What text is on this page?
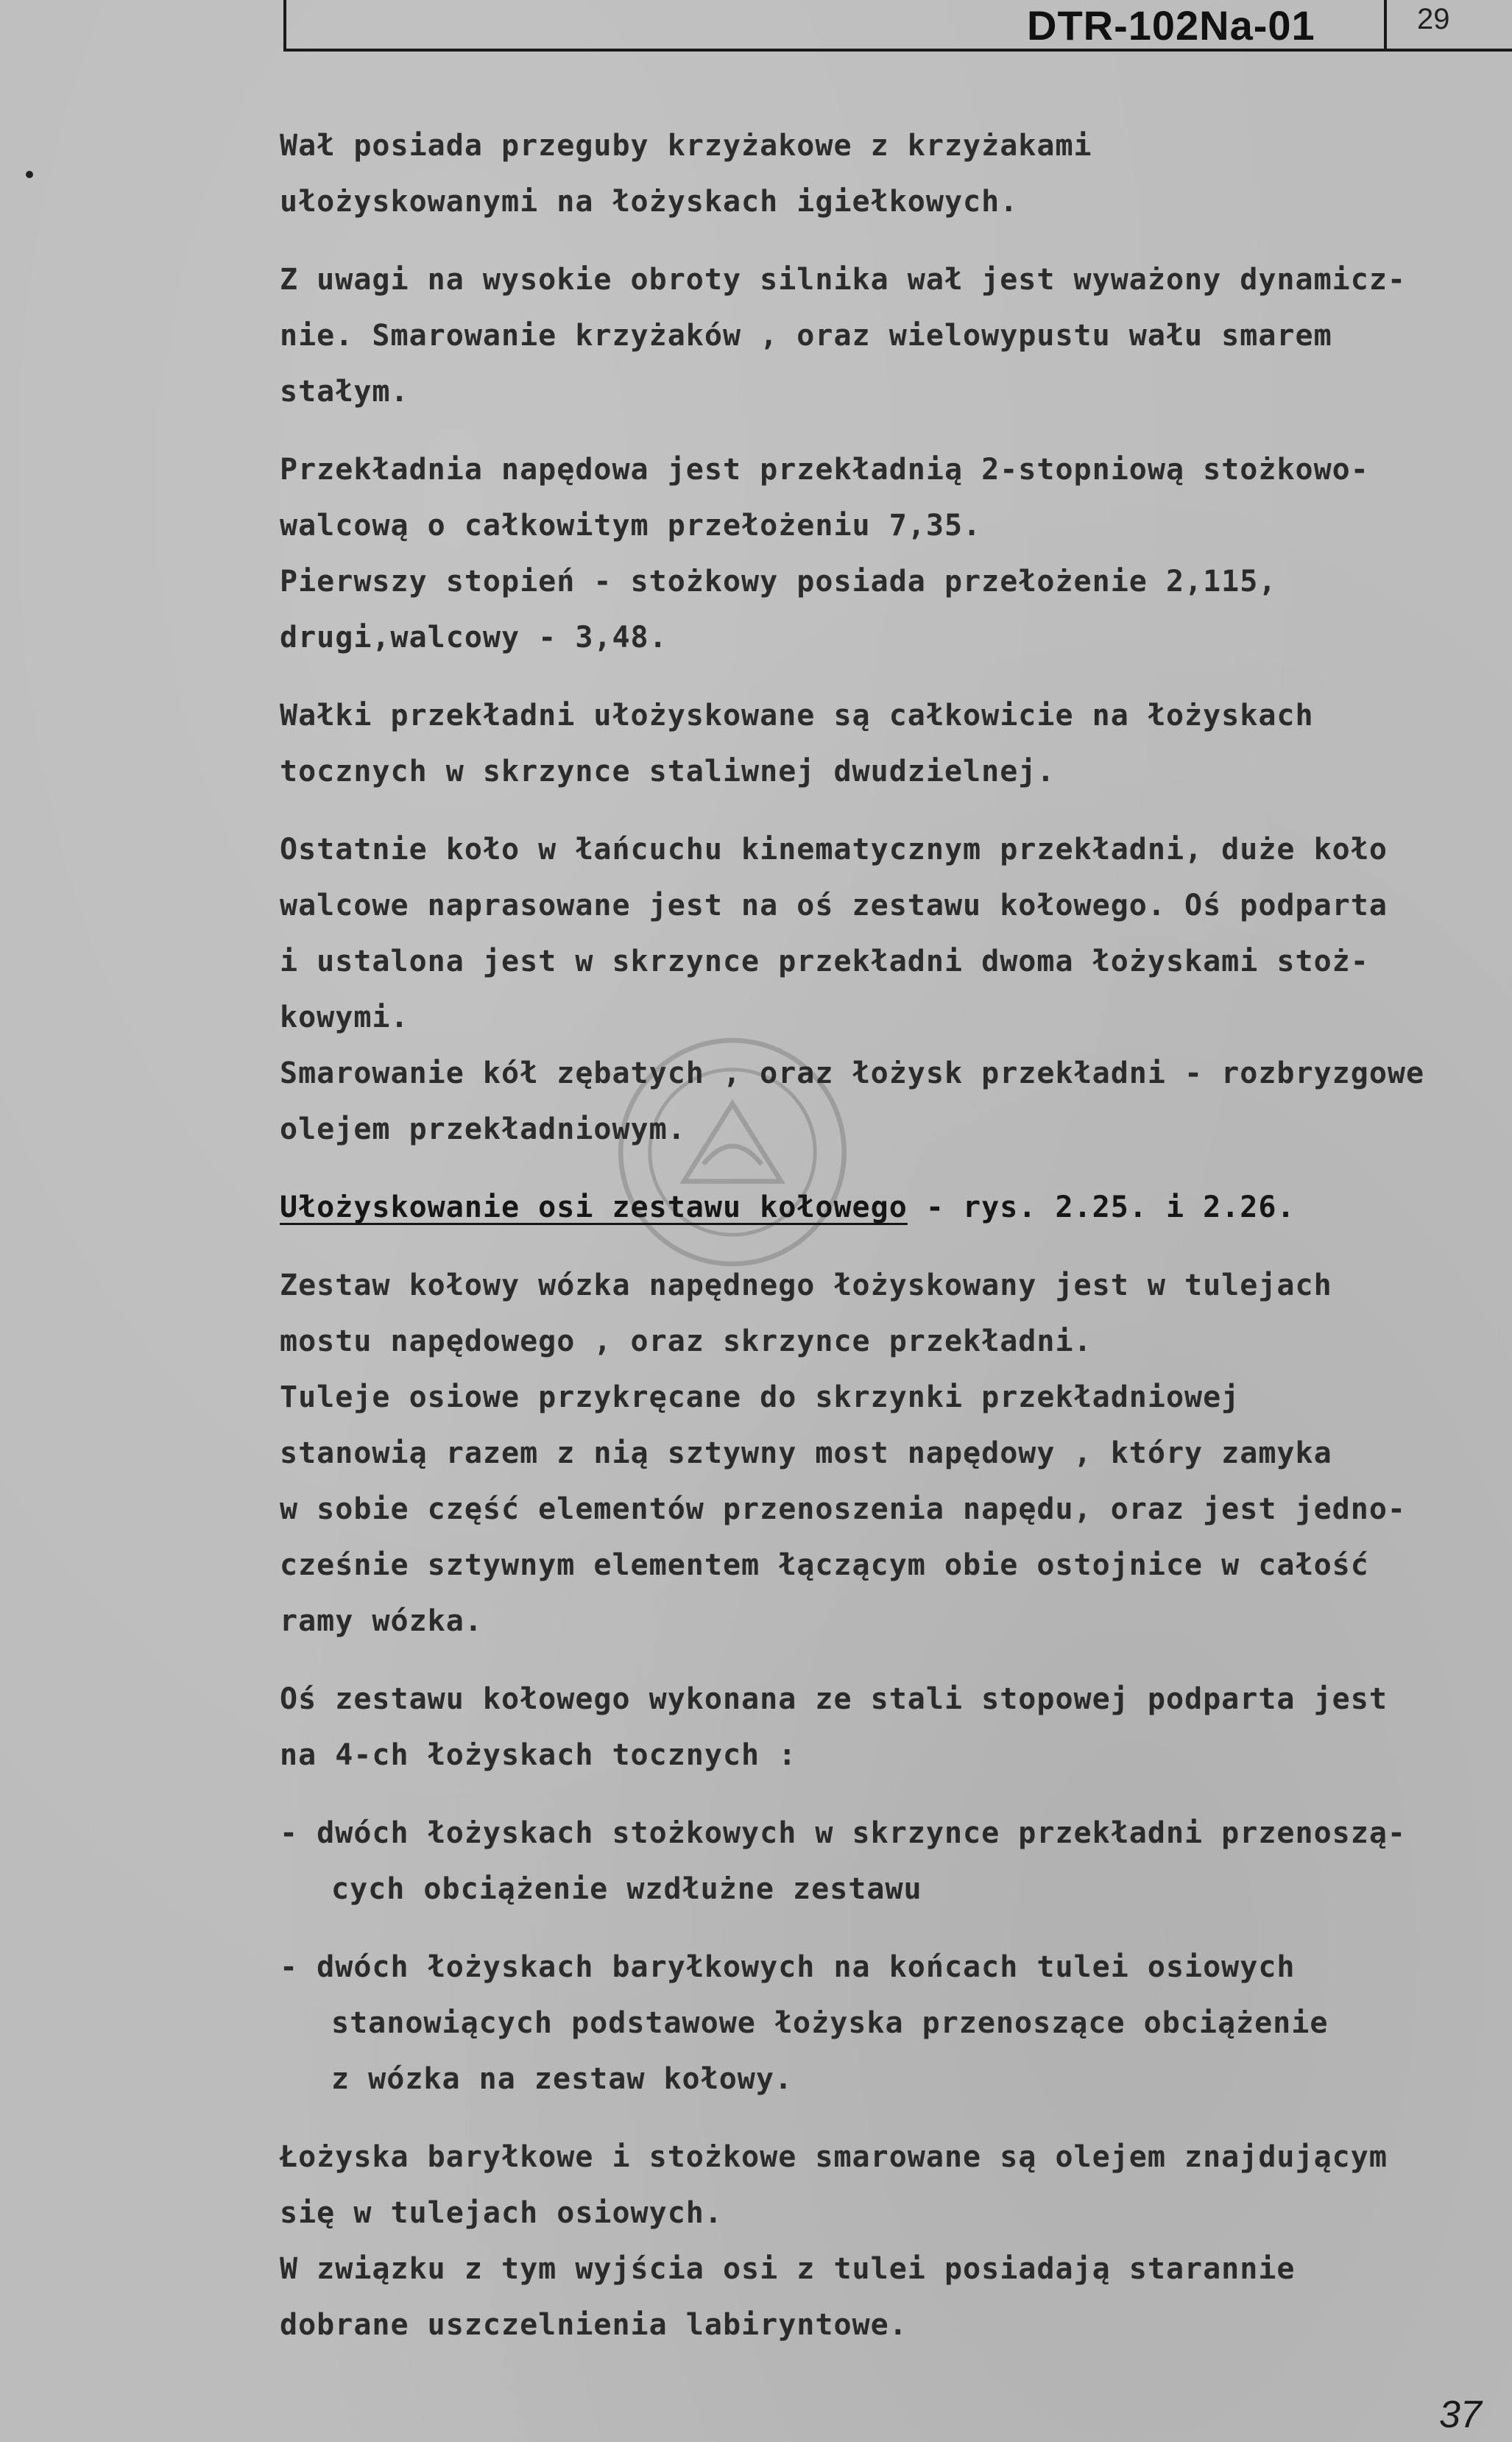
DTR-102Na-01	29
Wał posiada przeguby krzyżakowe z krzyżakami
ułożyskowanymi na łożyskach igiełkowych.
Z uwagi na wysokie obroty silnika wał jest wyważony dynamicz-
nie. Smarowanie krzyżaków , oraz wielowypustu wału smarem
stałym.
Przekładnia napędowa jest przekładnią 2-stopniową stożkowo-
walcową o całkowitym przełożeniu 7,35.
Pierwszy stopień - stożkowy posiada przełożenie 2,115,
drugi,walcowy - 3,48.
Wałki przekładni ułożyskowane są całkowicie na łożyskach
tocznych w skrzynce staliwnej dwudzielnej.
Ostatnie koło w łańcuchu kinematycznym przekładni, duże koło
walcowe naprasowane jest na oś zestawu kołowego. Oś podparta
i ustalona jest w skrzynce przekładni dwoma łożyskami stoż-
kowymi.
Smarowanie kół zębatych , oraz łożysk przekładni - rozbryzgowe
olejem przekładniowym.
Ułożyskowanie osi zestawu kołowego - rys. 2.25. i 2.26.
Zestaw kołowy wózka napędnego łożyskowany jest w tulejach
mostu napędowego , oraz skrzynce przekładni.
Tuleje osiowe przykręcane do skrzynki przekładniowej
stanowią razem z nią sztywny most napędowy , który zamyka
w sobie część elementów przenoszenia napędu, oraz jest jedno-
cześnie sztywnym elementem łączącym obie ostojnice w całość
ramy wózka.
Oś zestawu kołowego wykonana ze stali stopowej podparta jest
na 4-ch łożyskach tocznych :
- dwóch łożyskach stożkowych w skrzynce przekładni przenoszą-
cych obciążenie wzdłużne zestawu
- dwóch łożyskach baryłkowych na końcach tulei osiowych
stanowiących podstawowe łożyska przenoszące obciążenie
z wózka na zestaw kołowy.
Łożyska baryłkowe i stożkowe smarowane są olejem znajdującym
się w tulejach osiowych.
W związku z tym wyjścia osi z tulei posiadają starannie
dobrane uszczelnienia labiryntowe.
37
